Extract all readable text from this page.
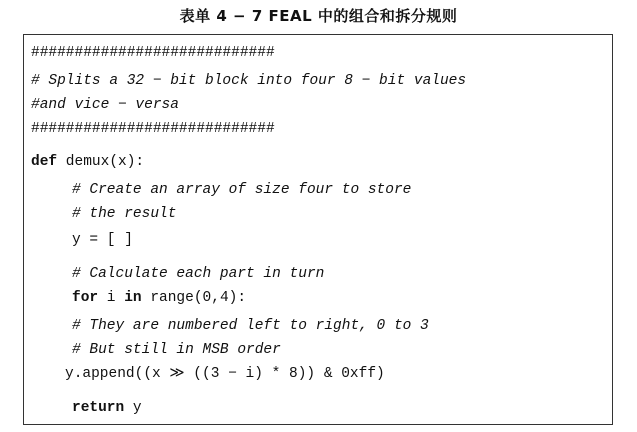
表单 4 − 7 FEAL 中的组合和拆分规则
############################
# Splits a 32 − bit block into four 8 − bit values
#and vice − versa
############################
def demux(x):
# Create an array of size four to store
# the result
y = [ ]
# Calculate each part in turn
for i in range(0,4):
# They are numbered left to right, 0 to 3
# But still in MSB order
y.append((x ≫ ((3 − i) * 8)) & 0xff)
return y
